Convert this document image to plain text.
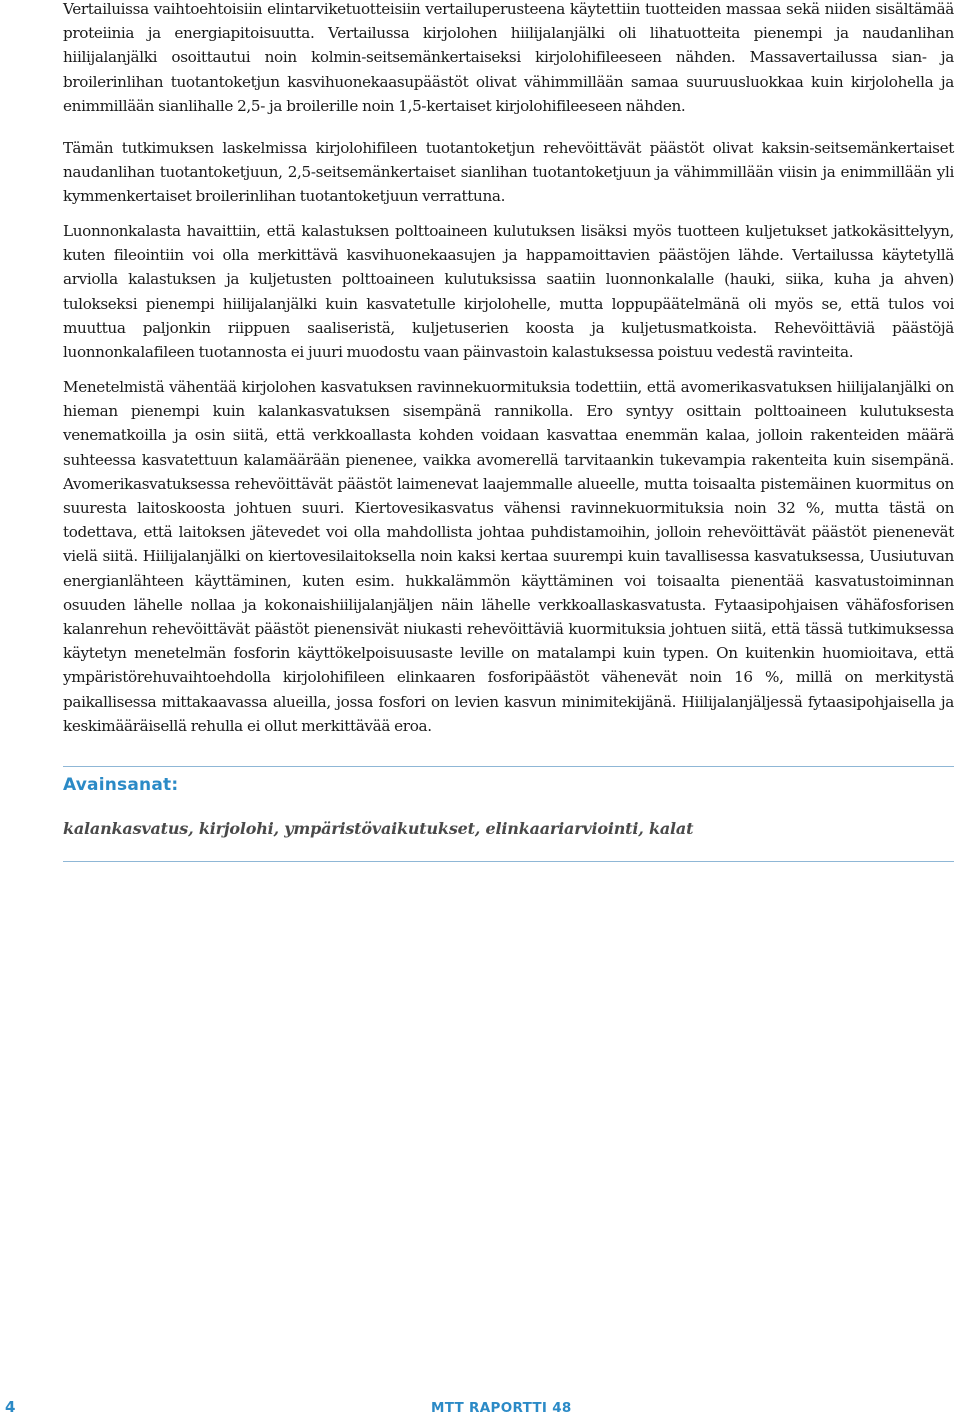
Vertailuissa vaihtoehtoisiin elintarviketuotteisiin vertailuperusteena käytettiin tuotteiden massaa sekä niiden sisältämää proteiinia ja energiapitoisuutta. Vertailussa kirjolohen hiilijalanjälki oli lihatuotteita pienempi ja naudanlihan hiilijalanjälki osoittautui noin kolmin-seitsemänkertaiseksi kirjolohifileeseen nähden. Massavertailussa sian- ja broilerinlihan tuotantoketjun kasvihuonekaasupäästöt olivat vähimmillään samaa suuruusluokkaa kuin kirjolohella ja enimmillään sianlihalle 2,5- ja broilerille noin 1,5-kertaiset kirjolohifileeseen nähden.

Tämän tutkimuksen laskelmissa kirjolohifileen tuotantoketjun rehevöittävät päästöt olivat kaksin-seitsemänkertaiset naudanlihan tuotantoketjuun, 2,5-seitsemänkertaiset sianlihan tuotantoketjuun ja vähimmillään viisin ja enimmillään yli kymmenkertaiset broilerinlihan tuotantoketjuun verrattuna.

Luonnonkalasta havaittiin, että kalastuksen polttoaineen kulutuksen lisäksi myös tuotteen kuljetukset jatkokäsittelyyn, kuten fileointiin voi olla merkittävä kasvihuonekaasujen ja happamoittavien päästöjen lähde. Vertailussa käytetyllä arviolla kalastuksen ja kuljetusten polttoaineen kulutuksissa saatiin luonnonkalalle (hauki, siika, kuha ja ahven) tulokseksi pienempi hiilijalanjälki kuin kasvatetulle kirjolohelle, mutta loppupäätelmänä oli myös se, että tulos voi muuttua paljonkin riippuen saaliseristä, kuljetuserien koosta ja kuljetusmatkoista. Rehevöittäviä päästöjä luonnonkalafileen tuotannosta ei juuri muodostu vaan päinvastoin kalastuksessa poistuu vedestä ravinteita.

Menetelmistä vähentää kirjolohen kasvatuksen ravinnekuormituksia todettiin, että avomerikasvatuksen hiilijalanjälki on hieman pienempi kuin kalankasvatuksen sisempänä rannikolla. Ero syntyy osittain polttoaineen kulutuksesta venematkoilla ja osin siitä, että verkkoallasta kohden voidaan kasvattaa enemmän kalaa, jolloin rakenteiden määrä suhteessa kasvatettuun kalamäärään pienenee, vaikka avomerellä tarvitaankin tukevampia rakenteita kuin sisempänä. Avomerikasvatuksessa rehevöittävät päästöt laimenevat laajemmalle alueelle, mutta toisaalta pistemäinen kuormitus on suuresta laitoskoosta johtuen suuri. Kiertovesikasvatus vähensi ravinnekuormituksia noin 32 %, mutta tästä on todettava, että laitoksen jätevedet voi olla mahdollista johtaa puhdistamoihin, jolloin rehevöittävät päästöt pienenevät vielä siitä. Hiilijalanjälki on kiertovesilaitoksella noin kaksi kertaa suurempi kuin tavallisessa kasvatuksessa, Uusiutuvan energianlähteen käyttäminen, kuten esim. hukkalämmön käyttäminen voi toisaalta pienentää kasvatustoiminnan osuuden lähelle nollaa ja kokonaishiilijalanjäljen näin lähelle verkkoallaskasvatusta. Fytaasipohjaisen vähäfosforisen kalanrehun rehevöittävät päästöt pienensivät niukasti rehevöittäviä kuormituksia johtuen siitä, että tässä tutkimuksessa käytetyn menetelmän fosforin käyttökelpoisuusaste leville on matalampi kuin typen. On kuitenkin huomioitava, että ympäristörehuvaihtoehdolla kirjolohifileen elinkaaren fosforipäästöt vähenevät noin 16 %, millä on merkitystä paikallisessa mittakaavassa alueilla, jossa fosfori on levien kasvun minimitekijänä. Hiilijalanjäljessä fytaasipohjaisella ja keskimääräisellä rehulla ei ollut merkittävää eroa.

Avainsanat:
kalankasvatus, kirjolohi, ympäristövaikutukset, elinkaariarviointi, kalat
4	MTT RAPORTTI 48
